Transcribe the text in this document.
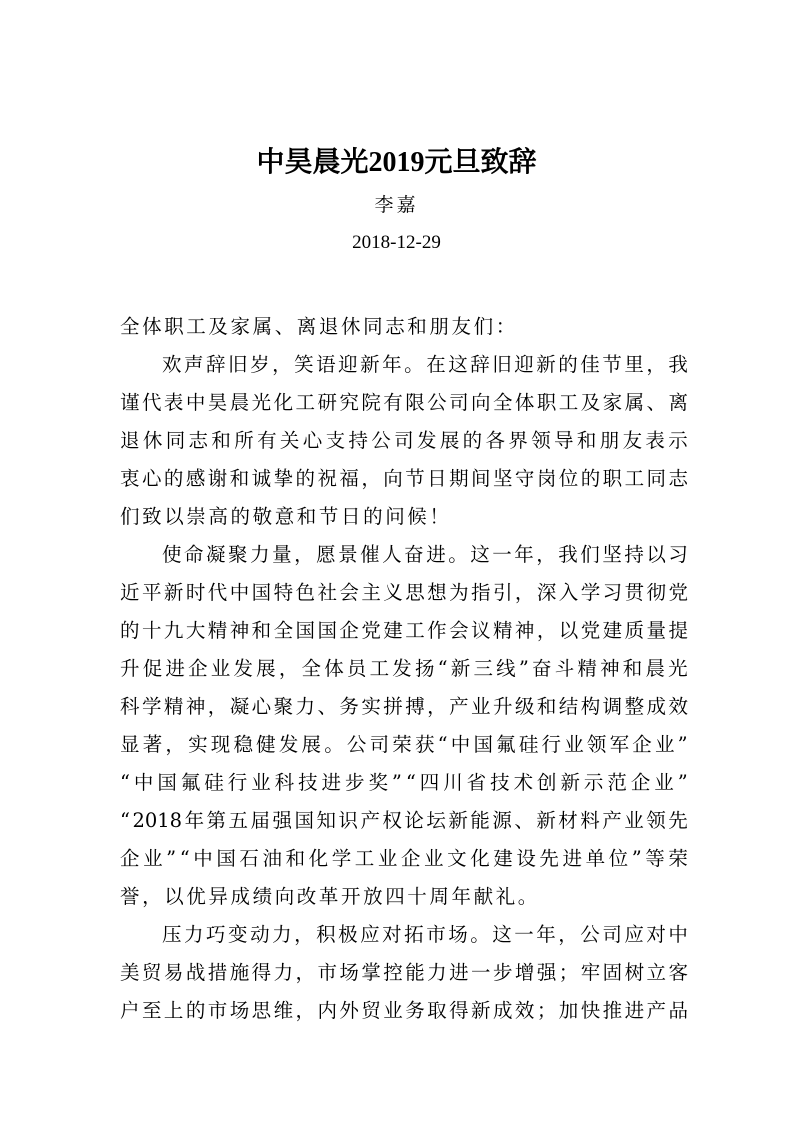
中昊晨光2019元旦致辞
李嘉
2018-12-29
全体职工及家属、离退休同志和朋友们：
欢 声 辞 旧 岁 ， 笑 语 迎 新 年 。 在 这 辞 旧 迎 新 的 佳 节 里 ， 我
谨 代 表 中 昊 晨 光 化 工 研 究 院 有 限 公 司 向 全 体 职 工 及 家 属 、 离
退 休 同 志 和 所 有 关 心 支 持 公 司 发 展 的 各 界 领 导 和 朋 友 表 示
衷 心 的 感 谢 和 诚 挚 的 祝 福 ， 向 节 日 期 间 坚 守 岗 位 的 职 工 同 志
们致以崇高的敬意和节日的问候！
使 命 凝 聚 力 量 ， 愿 景 催 人 奋 进 。 这 一 年 ， 我 们 坚 持 以 习
近 平 新 时 代 中 国 特 色 社 会 主 义 思 想 为 指 引 ， 深 入 学 习 贯 彻 党
的 十 九 大 精 神 和 全 国 国 企 党 建 工 作 会 议 精 神 ， 以 党 建 质 量 提
升 促 进 企 业 发 展 ， 全 体 员 工 发 扬 “ 新 三 线 ” 奋 斗 精 神 和 晨 光
科 学 精 神 ， 凝 心 聚 力 、 务 实 拼 搏 ， 产 业 升 级 和 结 构 调 整 成 效
显 著 ， 实 现 稳 健 发 展 。 公 司 荣 获 “ 中 国 氟 硅 行 业 领 军 企 业 ”
“ 中 国 氟 硅 行 业 科 技 进 步 奖 ” “ 四 川 省 技 术 创 新 示 范 企 业 ”
“ 2018 年 第 五 届 强 国 知 识 产 权 论 坛 新 能 源 、 新 材 料 产 业 领 先
企 业 ” “ 中 国 石 油 和 化 学 工 业 企 业 文 化 建 设 先 进 单 位 ” 等 荣
誉，以优异成绩向改革开放四十周年献礼。
压 力 巧 变 动 力 ， 积 极 应 对 拓 市 场 。 这 一 年 ， 公 司 应 对 中
美 贸 易 战 措 施 得 力 ， 市 场 掌 控 能 力 进 一 步 增 强 ； 牢 固 树 立 客
户 至 上 的 市 场 思 维 ， 内 外 贸 业 务 取 得 新 成 效 ； 加 快 推 进 产 品
